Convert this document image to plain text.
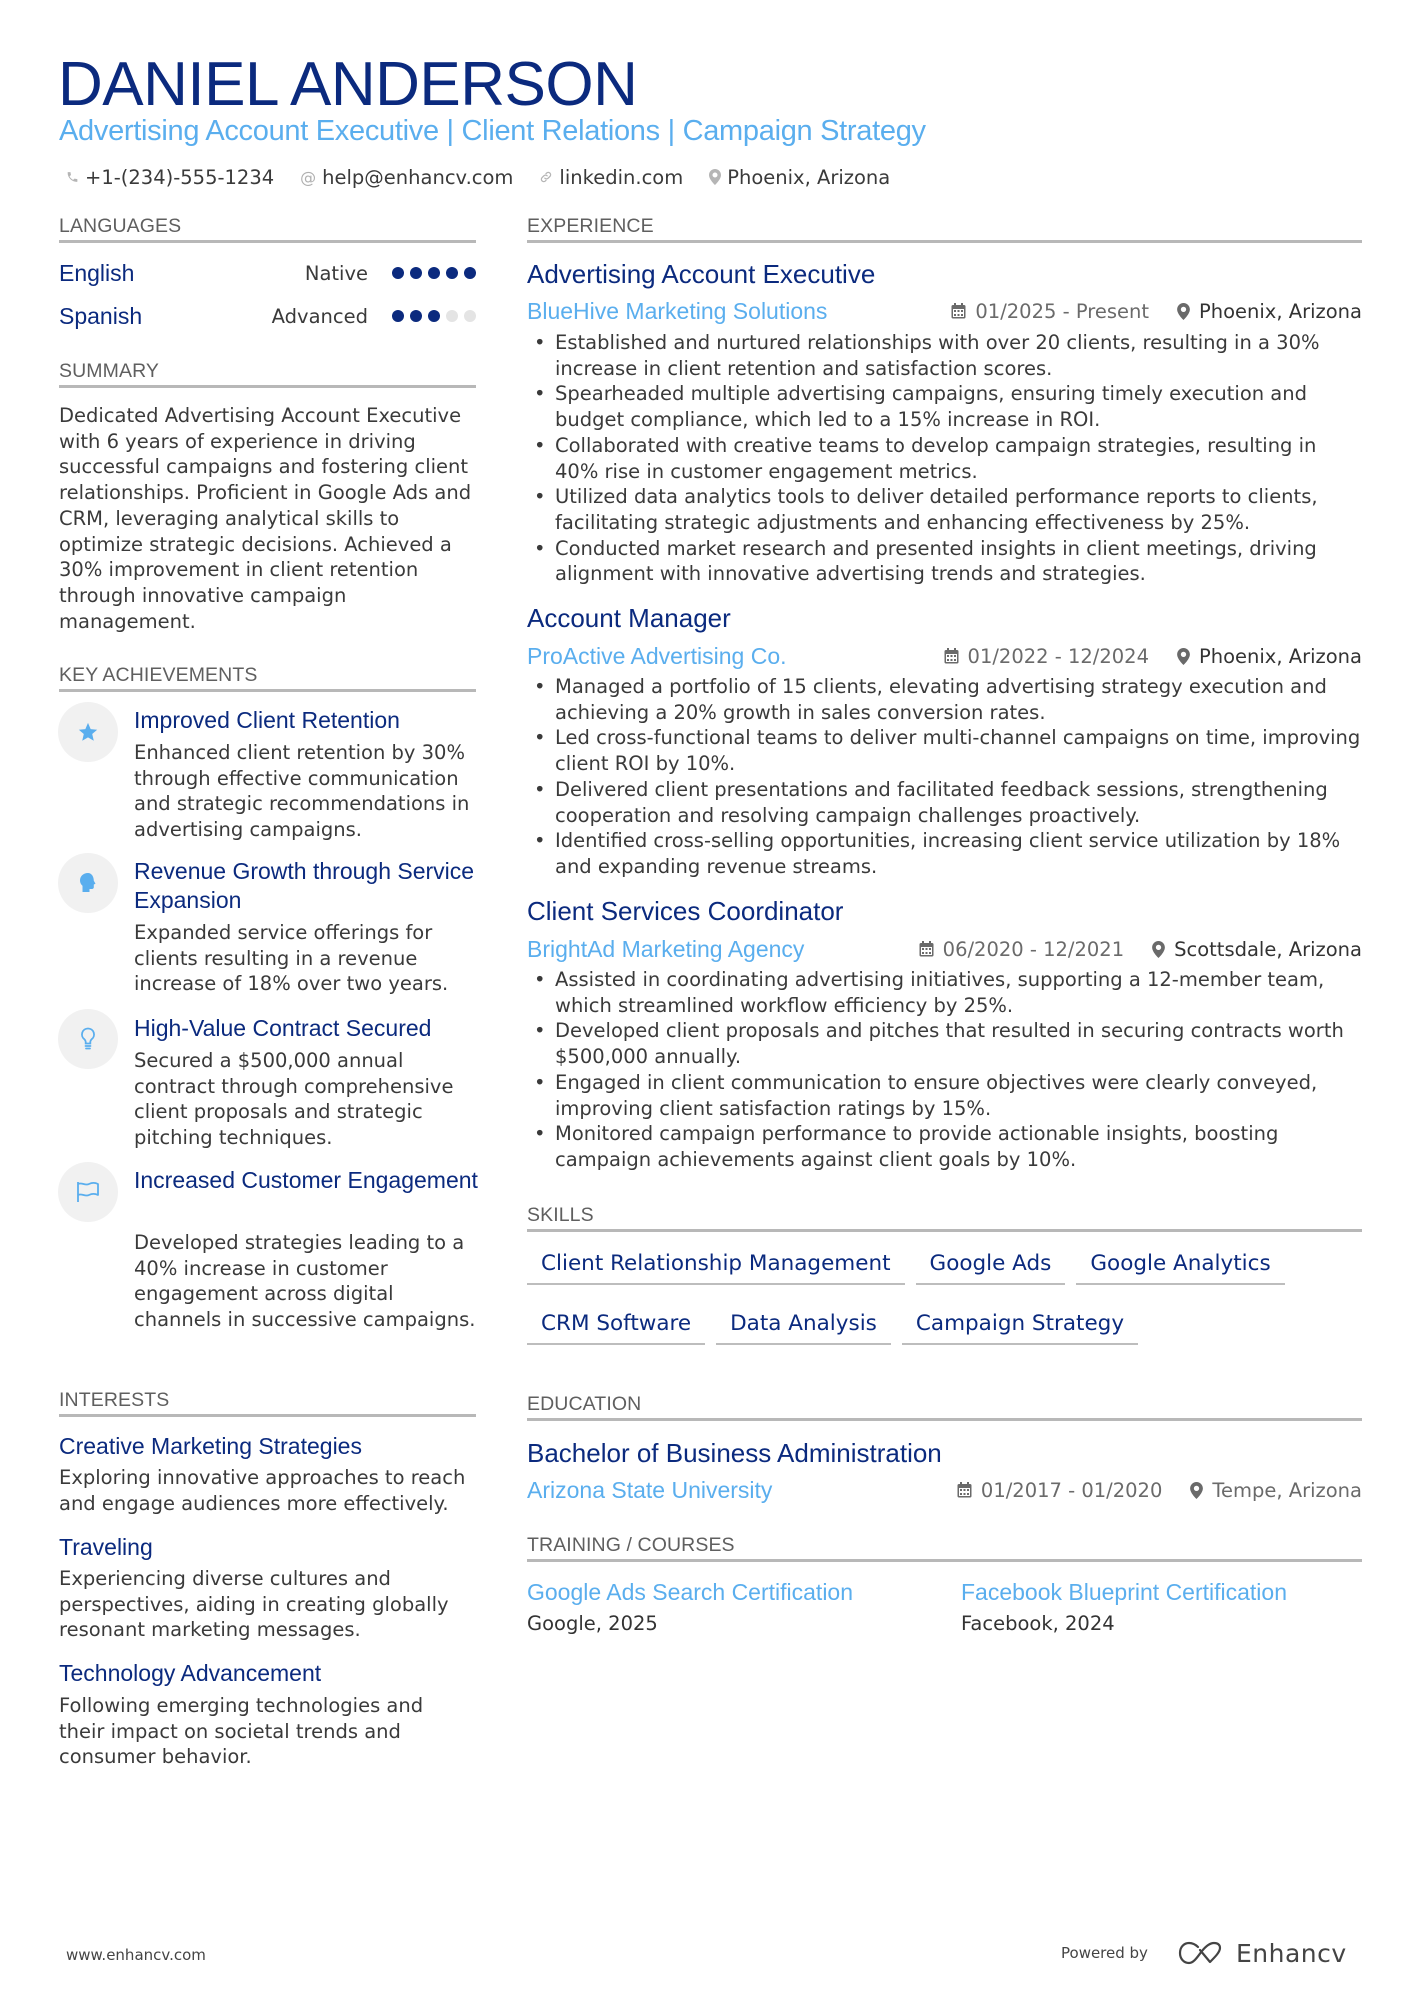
DANIEL ANDERSON
Advertising Account Executive | Client Relations | Campaign Strategy
+1-(234)-555-1234 @ help@enhancv.com linkedin.com Phoenix, Arizona
LANGUAGES
English	Native
Spanish	Advanced
SUMMARY
Dedicated Advertising Account Executive with 6 years of experience in driving successful campaigns and fostering client relationships. Proficient in Google Ads and CRM, leveraging analytical skills to optimize strategic decisions. Achieved a 30% improvement in client retention through innovative campaign management.
KEY ACHIEVEMENTS
Improved Client Retention
Enhanced client retention by 30% through effective communication and strategic recommendations in advertising campaigns.
Revenue Growth through Service Expansion
Expanded service offerings for clients resulting in a revenue increase of 18% over two years.
High-Value Contract Secured
Secured a $500,000 annual contract through comprehensive client proposals and strategic pitching techniques.
Increased Customer Engagement
Developed strategies leading to a 40% increase in customer engagement across digital channels in successive campaigns.
INTERESTS
Creative Marketing Strategies
Exploring innovative approaches to reach and engage audiences more effectively.
Traveling
Experiencing diverse cultures and perspectives, aiding in creating globally resonant marketing messages.
Technology Advancement
Following emerging technologies and their impact on societal trends and consumer behavior.
EXPERIENCE
Advertising Account Executive
BlueHive Marketing Solutions	01/2025 - Present	Phoenix, Arizona
• Established and nurtured relationships with over 20 clients, resulting in a 30% increase in client retention and satisfaction scores.
• Spearheaded multiple advertising campaigns, ensuring timely execution and budget compliance, which led to a 15% increase in ROI.
• Collaborated with creative teams to develop campaign strategies, resulting in 40% rise in customer engagement metrics.
• Utilized data analytics tools to deliver detailed performance reports to clients, facilitating strategic adjustments and enhancing effectiveness by 25%.
• Conducted market research and presented insights in client meetings, driving alignment with innovative advertising trends and strategies.
Account Manager
ProActive Advertising Co.	01/2022 - 12/2024	Phoenix, Arizona
• Managed a portfolio of 15 clients, elevating advertising strategy execution and achieving a 20% growth in sales conversion rates.
• Led cross-functional teams to deliver multi-channel campaigns on time, improving client ROI by 10%.
• Delivered client presentations and facilitated feedback sessions, strengthening cooperation and resolving campaign challenges proactively.
• Identified cross-selling opportunities, increasing client service utilization by 18% and expanding revenue streams.
Client Services Coordinator
BrightAd Marketing Agency	06/2020 - 12/2021	Scottsdale, Arizona
• Assisted in coordinating advertising initiatives, supporting a 12-member team, which streamlined workflow efficiency by 25%.
• Developed client proposals and pitches that resulted in securing contracts worth $500,000 annually.
• Engaged in client communication to ensure objectives were clearly conveyed, improving client satisfaction ratings by 15%.
• Monitored campaign performance to provide actionable insights, boosting campaign achievements against client goals by 10%.
SKILLS
Client Relationship Management	Google Ads	Google Analytics
CRM Software	Data Analysis	Campaign Strategy
EDUCATION
Bachelor of Business Administration
Arizona State University	01/2017 - 01/2020	Tempe, Arizona
TRAINING / COURSES
Google Ads Search Certification
Google, 2025
Facebook Blueprint Certification
Facebook, 2024
www.enhancv.com	Powered by	Enhancv
